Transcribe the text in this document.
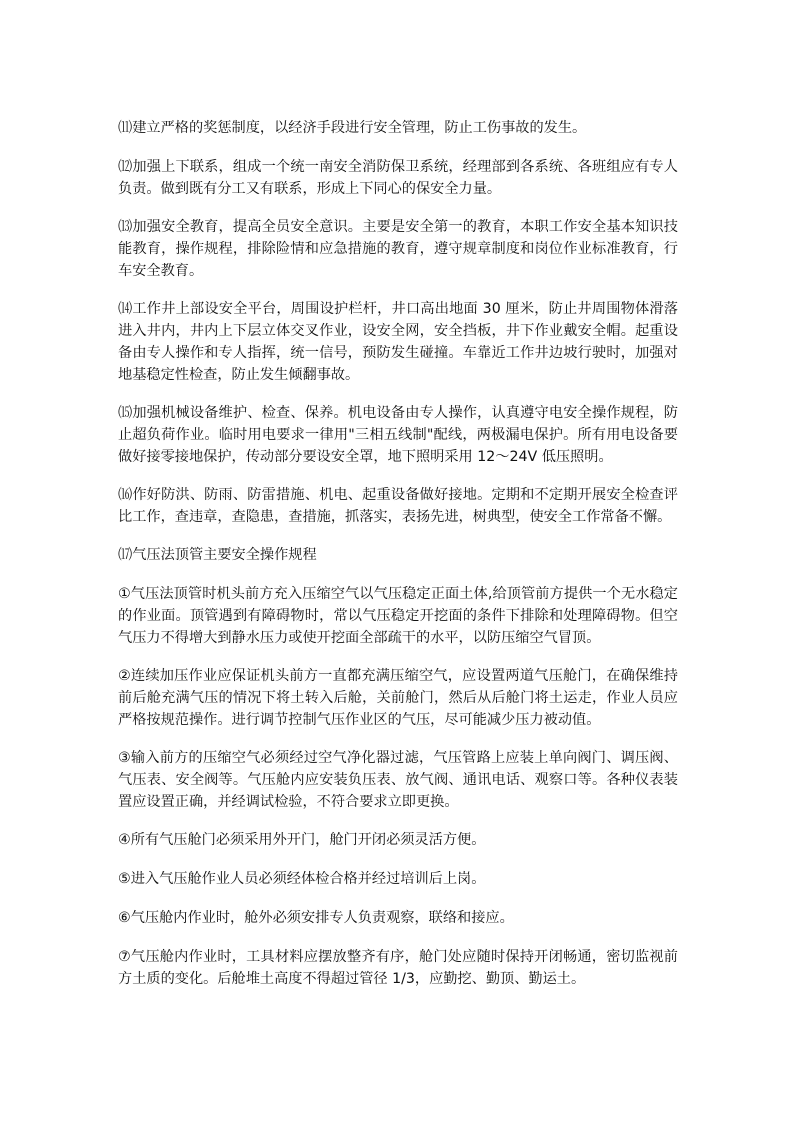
⑾建立严格的奖惩制度，以经济手段进行安全管理，防止工伤事故的发生。

⑿加强上下联系，组成一个统一南安全消防保卫系统，经理部到各系统、各班组应有专人负责。做到既有分工又有联系，形成上下同心的保安全力量。

⒀加强安全教育，提高全员安全意识。主要是安全第一的教育，本职工作安全基本知识技能教育，操作规程，排除险情和应急措施的教育，遵守规章制度和岗位作业标准教育，行车安全教育。

⒁工作井上部设安全平台，周围设护栏杆，井口高出地面 30 厘米，防止井周围物体滑落进入井内，井内上下层立体交叉作业，设安全网，安全挡板，井下作业戴安全帽。起重设备由专人操作和专人指挥，统一信号，预防发生碰撞。车靠近工作井边坡行驶时，加强对地基稳定性检查，防止发生倾翻事故。

⒂加强机械设备维护、检查、保养。机电设备由专人操作，认真遵守电安全操作规程，防止超负荷作业。临时用电要求一律用"三相五线制"配线，两极漏电保护。所有用电设备要做好接零接地保护，传动部分要设安全罩，地下照明采用 12～24V 低压照明。

⒃作好防洪、防雨、防雷措施、机电、起重设备做好接地。定期和不定期开展安全检查评比工作，查违章，查隐患，查措施，抓落实，表扬先进，树典型，使安全工作常备不懈。

⒄气压法顶管主要安全操作规程

①气压法顶管时机头前方充入压缩空气以气压稳定正面土体,给顶管前方提供一个无水稳定的作业面。顶管遇到有障碍物时，常以气压稳定开挖面的条件下排除和处理障碍物。但空气压力不得增大到静水压力或使开挖面全部疏干的水平，以防压缩空气冒顶。

②连续加压作业应保证机头前方一直都充满压缩空气，应设置两道气压舱门，在确保维持前后舱充满气压的情况下将土转入后舱，关前舱门，然后从后舱门将土运走，作业人员应严格按规范操作。进行调节控制气压作业区的气压，尽可能减少压力被动值。

③输入前方的压缩空气必须经过空气净化器过滤，气压管路上应装上单向阀门、调压阀、气压表、安全阀等。气压舱内应安装负压表、放气阀、通讯电话、观察口等。各种仪表装置应设置正确，并经调试检验，不符合要求立即更换。

④所有气压舱门必须采用外开门，舱门开闭必须灵活方便。

⑤进入气压舱作业人员必须经体检合格并经过培训后上岗。

⑥气压舱内作业时，舱外必须安排专人负责观察，联络和接应。

⑦气压舱内作业时，工具材料应摆放整齐有序，舱门处应随时保持开闭畅通，密切监视前方土质的变化。后舱堆土高度不得超过管径 1/3，应勤挖、勤顶、勤运土。
